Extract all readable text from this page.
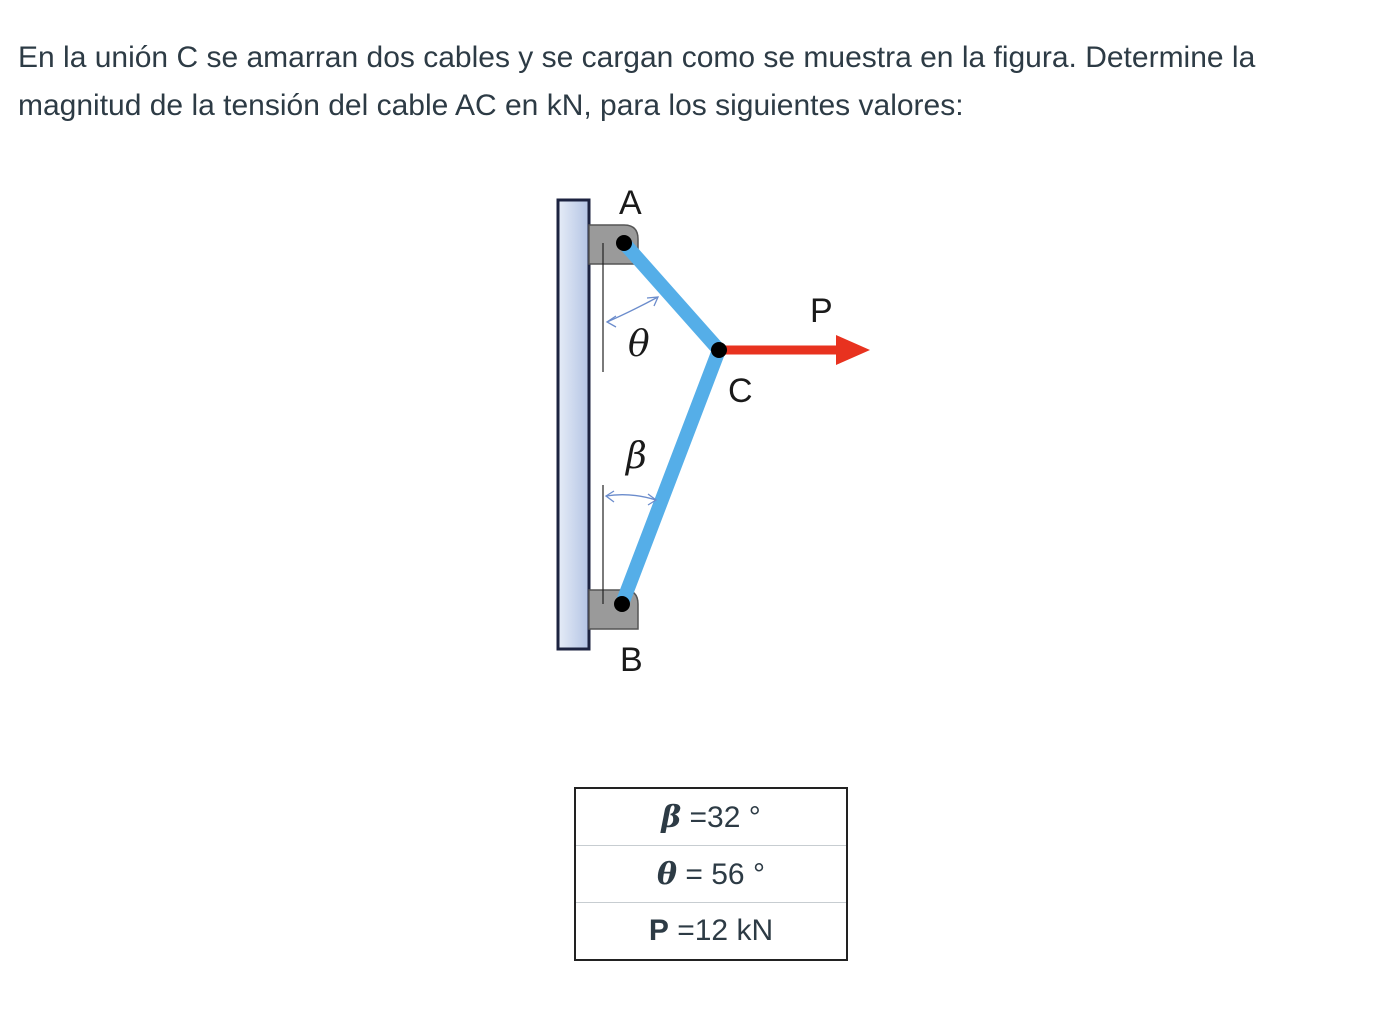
En la unión C se amarran dos cables y se cargan como se muestra en la figura. Determine la magnitud de la tensión del cable AC en kN, para los siguientes valores:

A
B
C
P
θ
β
β =32 °
θ = 56 °
P =12 kN
